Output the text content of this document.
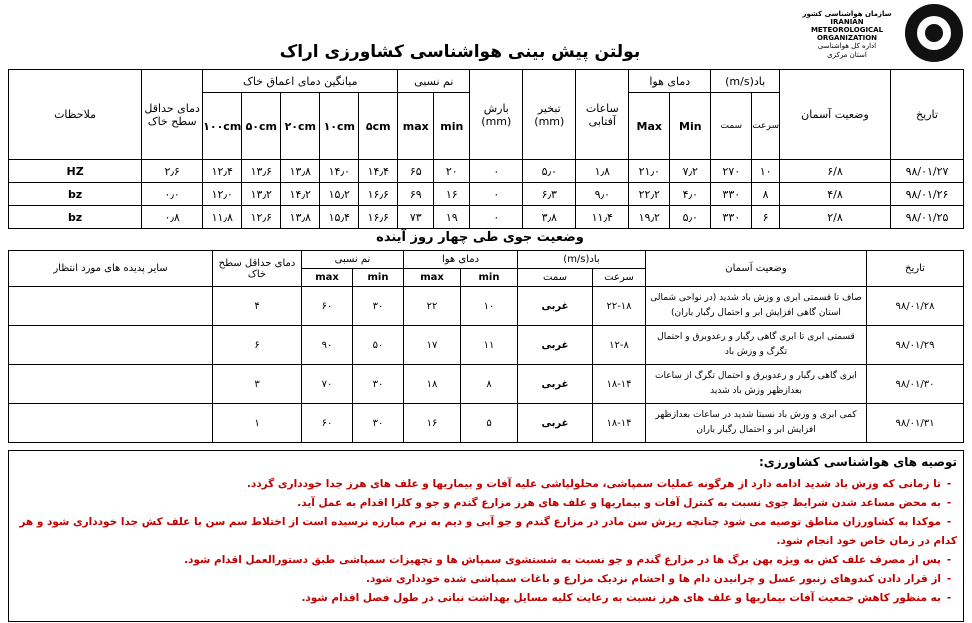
سازمان هواشناسی کشور
IRANIAN
METEOROLOGICAL
ORGANIZATION
اداره کل هواشناسی
استان مرکزی
بولتن پیش بینی هواشناسی کشاورزی اراک
تاریخ	وضعیت آسمان	باد(m/s)		دمای هوا		ساعات آفتابی	تبخیر (mm)	بارش (mm)	نم نسبی		میانگین دمای اعماق خاک					دمای حداقل سطح خاک	ملاحظات
		سرعت	سمت	Min	Max				min	max	۵cm	۱۰cm	۲۰cm	۵۰cm	۱۰۰cm		
۹۸/۰۱/۲۷	۶/۸	۱۰	۲۷۰	۷٫۲	۲۱٫۰	۱٫۸	۵٫۰	۰	۲۰	۶۵	۱۴٫۴	۱۴٫۰	۱۳٫۸	۱۳٫۶	۱۲٫۴	۲٫۶	HZ
۹۸/۰۱/۲۶	۴/۸	۸	۳۳۰	۴٫۰	۲۲٫۲	۹٫۰	۶٫۳	۰	۱۶	۶۹	۱۶٫۶	۱۵٫۲	۱۴٫۲	۱۳٫۲	۱۲٫۰	۰٫۰	bz
۹۸/۰۱/۲۵	۲/۸	۶	۳۳۰	۵٫۰	۱۹٫۲	۱۱٫۴	۳٫۸	۰	۱۹	۷۳	۱۶٫۶	۱۵٫۴	۱۳٫۸	۱۲٫۶	۱۱٫۸	۰٫۸	bz
وضعیت جوی طی چهار روز آینده
تاریخ	وضعیت آسمان	باد(m/s)		دمای هوا		نم نسبی		دمای حداقل سطح خاک	سایر پدیده های مورد انتظار
		سرعت	سمت	min	max	min	max		
۹۸/۰۱/۲۸	صاف تا قسمتی ابری و وزش باد شدید (در نواحی شمالی استان گاهی افزایش ابر و احتمال رگبار باران)	۲۲-۱۸	غربی	۱۰	۲۲	۳۰	۶۰	۴	
۹۸/۰۱/۲۹	قسمتی ابری تا ابری گاهی رگبار و رعدوبرق و احتمال تگرگ و وزش باد	۱۲-۸	غربی	۱۱	۱۷	۵۰	۹۰	۶	
۹۸/۰۱/۳۰	ابری گاهی رگبار و رعدوبرق و احتمال تگرگ از ساعات بعدازظهر وزش باد شدید	۱۸-۱۴	غربی	۸	۱۸	۳۰	۷۰	۳	
۹۸/۰۱/۳۱	کمی ابری و وزش باد نسبتا شدید در ساعات بعدازظهر افزایش ابر و احتمال رگبار باران	۱۸-۱۴	غربی	۵	۱۶	۳۰	۶۰	۱	
توصیه های هواشناسی کشاورزی:
-تا زمانی که وزش باد شدید ادامه دارد از هرگونه عملیات سمپاشی، محلولپاشی علیه آفات و بیماریها و علف های هرز جدا خودداری گردد.
-به محض مساعد شدن شرایط جوی نسبت به کنترل آفات و بیماریها و علف های هرز مزارع گندم و جو و کلزا اقدام به عمل آید.
-موکدا به کشاورزان مناطق توصیه می شود چنانچه ریزش سن مادر در مزارع گندم و جو آبی و دیم به نرم مبارزه نرسیده است از اختلاط سم سن با علف کش جدا خودداری شود و هر کدام در زمان خاص خود انجام شود.
-پس از مصرف علف کش به ویژه پهن برگ ها در مزارع گندم و جو نسبت به شستشوی سمپاش ها و تجهیزات سمپاشی طبق دستورالعمل اقدام شود.
-از قرار دادن کندوهای زنبور عسل و چرانیدن دام ها و احشام نزدیک مزارع و باغات سمپاشی شده خودداری شود.
-به منظور کاهش جمعیت آفات بیماریها و علف های هرز نسبت به رعایت کلیه مسایل بهداشت نباتی در طول فصل اقدام شود.
